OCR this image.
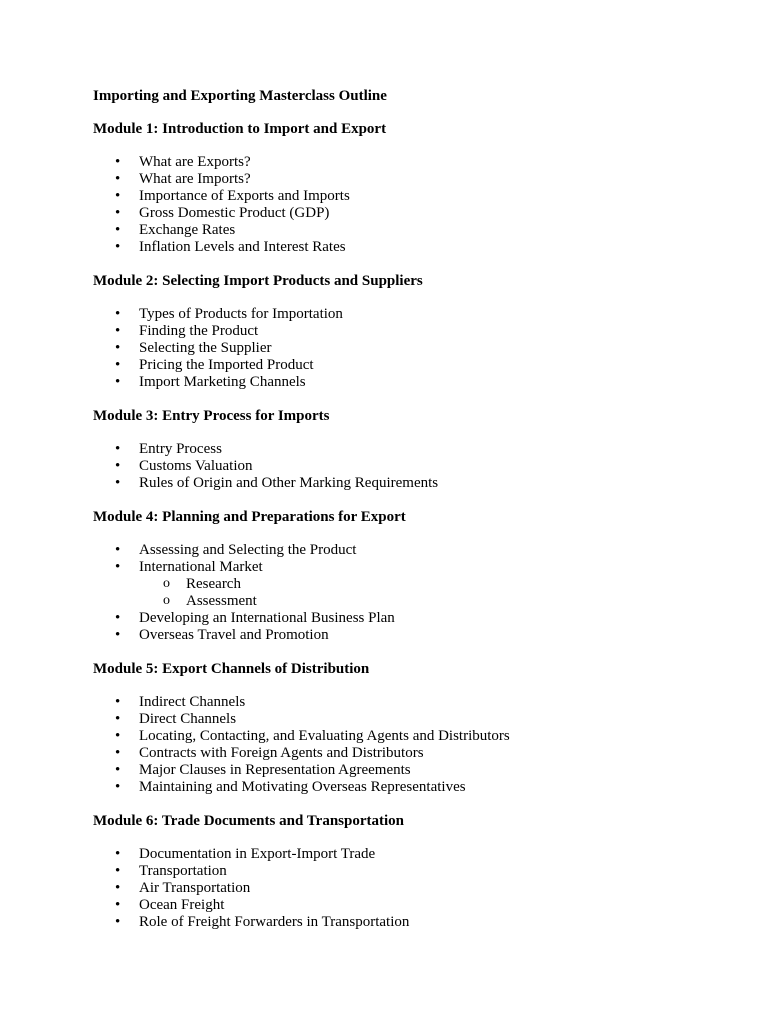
Importing and Exporting Masterclass Outline
Module 1: Introduction to Import and Export
• What are Exports?
• What are Imports?
• Importance of Exports and Imports
• Gross Domestic Product (GDP)
• Exchange Rates
• Inflation Levels and Interest Rates
Module 2: Selecting Import Products and Suppliers
• Types of Products for Importation
• Finding the Product
• Selecting the Supplier
• Pricing the Imported Product
• Import Marketing Channels
Module 3: Entry Process for Imports
• Entry Process
• Customs Valuation
• Rules of Origin and Other Marking Requirements
Module 4: Planning and Preparations for Export
• Assessing and Selecting the Product
• International Market
o Research
o Assessment
• Developing an International Business Plan
• Overseas Travel and Promotion
Module 5: Export Channels of Distribution
• Indirect Channels
• Direct Channels
• Locating, Contacting, and Evaluating Agents and Distributors
• Contracts with Foreign Agents and Distributors
• Major Clauses in Representation Agreements
• Maintaining and Motivating Overseas Representatives
Module 6: Trade Documents and Transportation
• Documentation in Export-Import Trade
• Transportation
• Air Transportation
• Ocean Freight
• Role of Freight Forwarders in Transportation
